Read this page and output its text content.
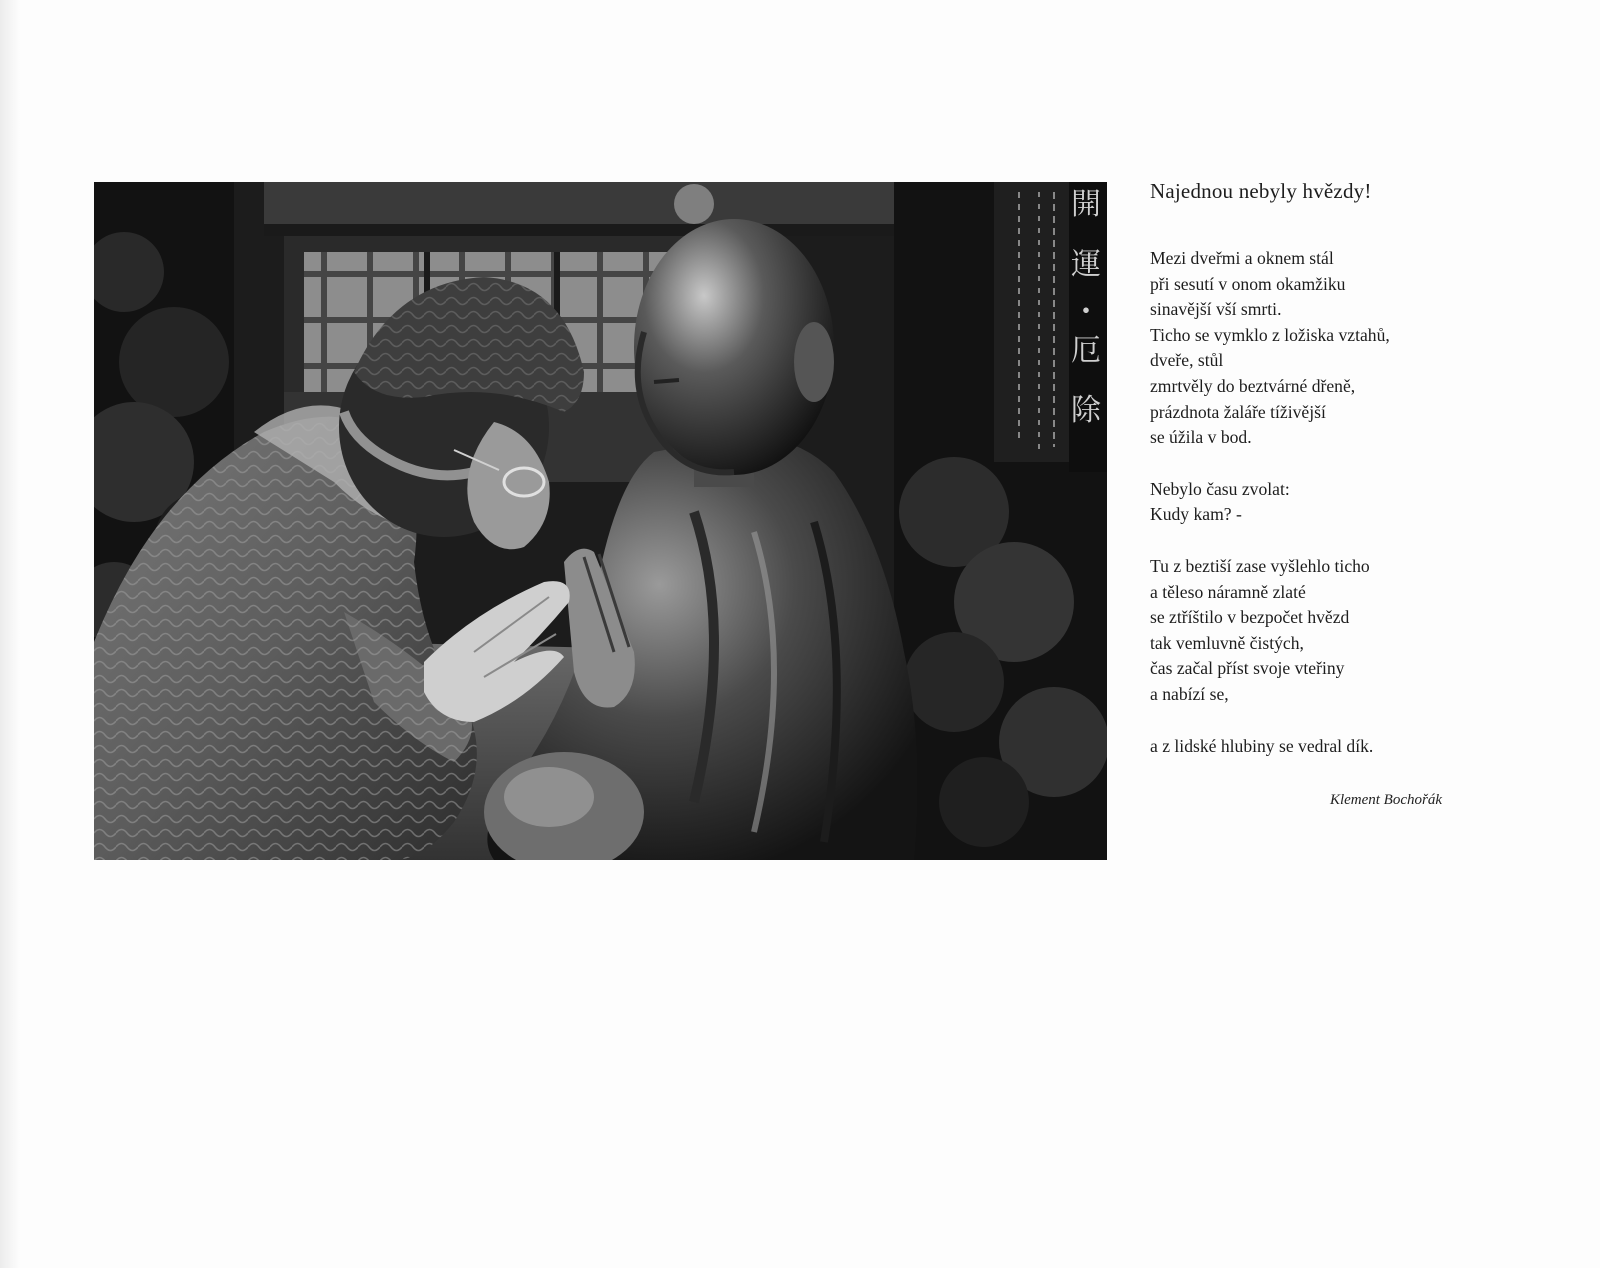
開
運
・
厄
除
Najednou nebyly hvězdy!
Mezi dveřmi a oknem stál
při sesutí v onom okamžiku
sinavější vší smrti.
Ticho se vymklo z ložiska vztahů,
dveře, stůl
zmrtvěly do beztvárné dřeně,
prázdnota žaláře tíživější
se úžila v bod.
Nebylo času zvolat:
Kudy kam? -
Tu z beztiší zase vyšlehlo ticho
a těleso náramně zlaté
se ztříštilo v bezpočet hvězd
tak vemluvně čistých,
čas začal příst svoje vteřiny
a nabízí se,
a z lidské hlubiny se vedral dík.
Klement Bochořák
